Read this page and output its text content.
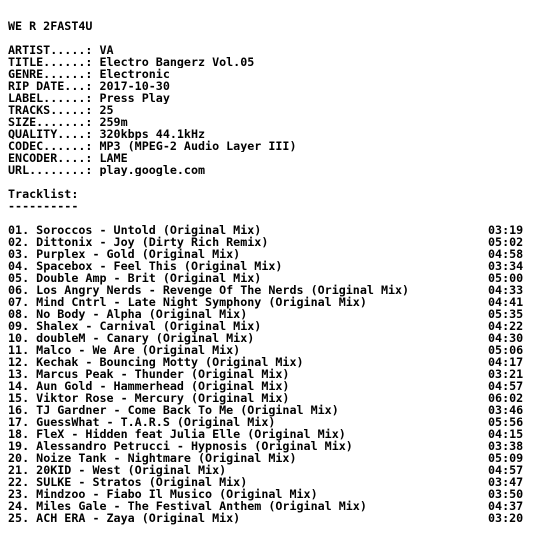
WE R 2FAST4U
ARTIST.....: VA
TITLE......: Electro Bangerz Vol.05
GENRE......: Electronic
RIP DATE...: 2017-10-30
LABEL......: Press Play
TRACKS.....: 25
SIZE.......: 259m
QUALITY....: 320kbps 44.1kHz
CODEC......: MP3 (MPEG-2 Audio Layer III)
ENCODER....: LAME
URL........: play.google.com
Tracklist:
----------
01. Soroccos - Untold (Original Mix)	03:19
02. Dittonix - Joy (Dirty Rich Remix)	05:02
03. Purplex - Gold (Original Mix)	04:58
04. Spacebox - Feel This (Original Mix)	03:34
05. Double Amp - Brit (Original Mix)	05:00
06. Los Angry Nerds - Revenge Of The Nerds (Original Mix)	04:33
07. Mind Cntrl - Late Night Symphony (Original Mix)	04:41
08. No Body - Alpha (Original Mix)	05:35
09. Shalex - Carnival (Original Mix)	04:22
10. doubleM - Canary (Original Mix)	04:30
11. Malco - We Are (Original Mix)	05:06
12. Kechak - Bouncing Motty (Original Mix)	04:17
13. Marcus Peak - Thunder (Original Mix)	03:21
14. Aun Gold - Hammerhead (Original Mix)	04:57
15. Viktor Rose - Mercury (Original Mix)	06:02
16. TJ Gardner - Come Back To Me (Original Mix)	03:46
17. GuessWhat - T.A.R.S (Original Mix)	05:56
18. FleX - Hidden feat Julia Elle (Original Mix)	04:15
19. Alessandro Petrucci - Hypnosis (Original Mix)	03:38
20. Noize Tank - Nightmare (Original Mix)	05:09
21. 20KID - West (Original Mix)	04:57
22. SULKE - Stratos (Original Mix)	03:47
23. Mindzoo - Fiabo Il Musico (Original Mix)	03:50
24. Miles Gale - The Festival Anthem (Original Mix)	04:37
25. ACH ERA - Zaya (Original Mix)	03:20
